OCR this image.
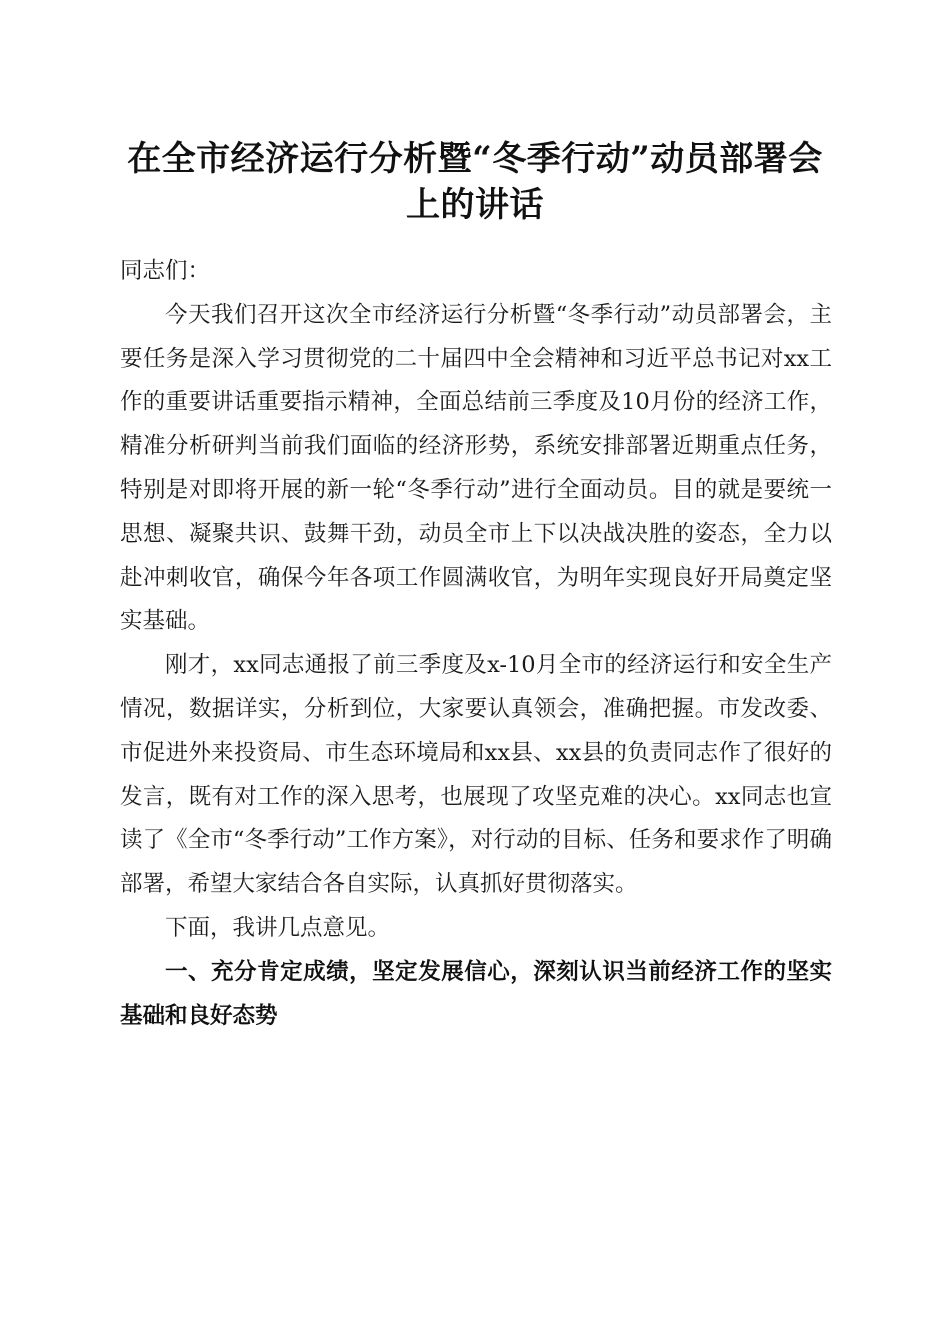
在全市经济运行分析暨“冬季行动”动员部署会上的讲话

同志们：

今天我们召开这次全市经济运行分析暨“冬季行动”动员部署会，主要任务是深入学习贯彻党的二十届四中全会精神和习近平总书记对xx工作的重要讲话重要指示精神，全面总结前三季度及10月份的经济工作，精准分析研判当前我们面临的经济形势，系统安排部署近期重点任务，特别是对即将开展的新一轮“冬季行动”进行全面动员。目的就是要统一思想、凝聚共识、鼓舞干劲，动员全市上下以决战决胜的姿态，全力以赴冲刺收官，确保今年各项工作圆满收官，为明年实现良好开局奠定坚实基础。

刚才，xx同志通报了前三季度及x-10月全市的经济运行和安全生产情况，数据详实，分析到位，大家要认真领会，准确把握。市发改委、市促进外来投资局、市生态环境局和xx县、xx县的负责同志作了很好的发言，既有对工作的深入思考，也展现了攻坚克难的决心。xx同志也宣读了《全市“冬季行动”工作方案》，对行动的目标、任务和要求作了明确部署，希望大家结合各自实际，认真抓好贯彻落实。

下面，我讲几点意见。

一、充分肯定成绩，坚定发展信心，深刻认识当前经济工作的坚实基础和良好态势
